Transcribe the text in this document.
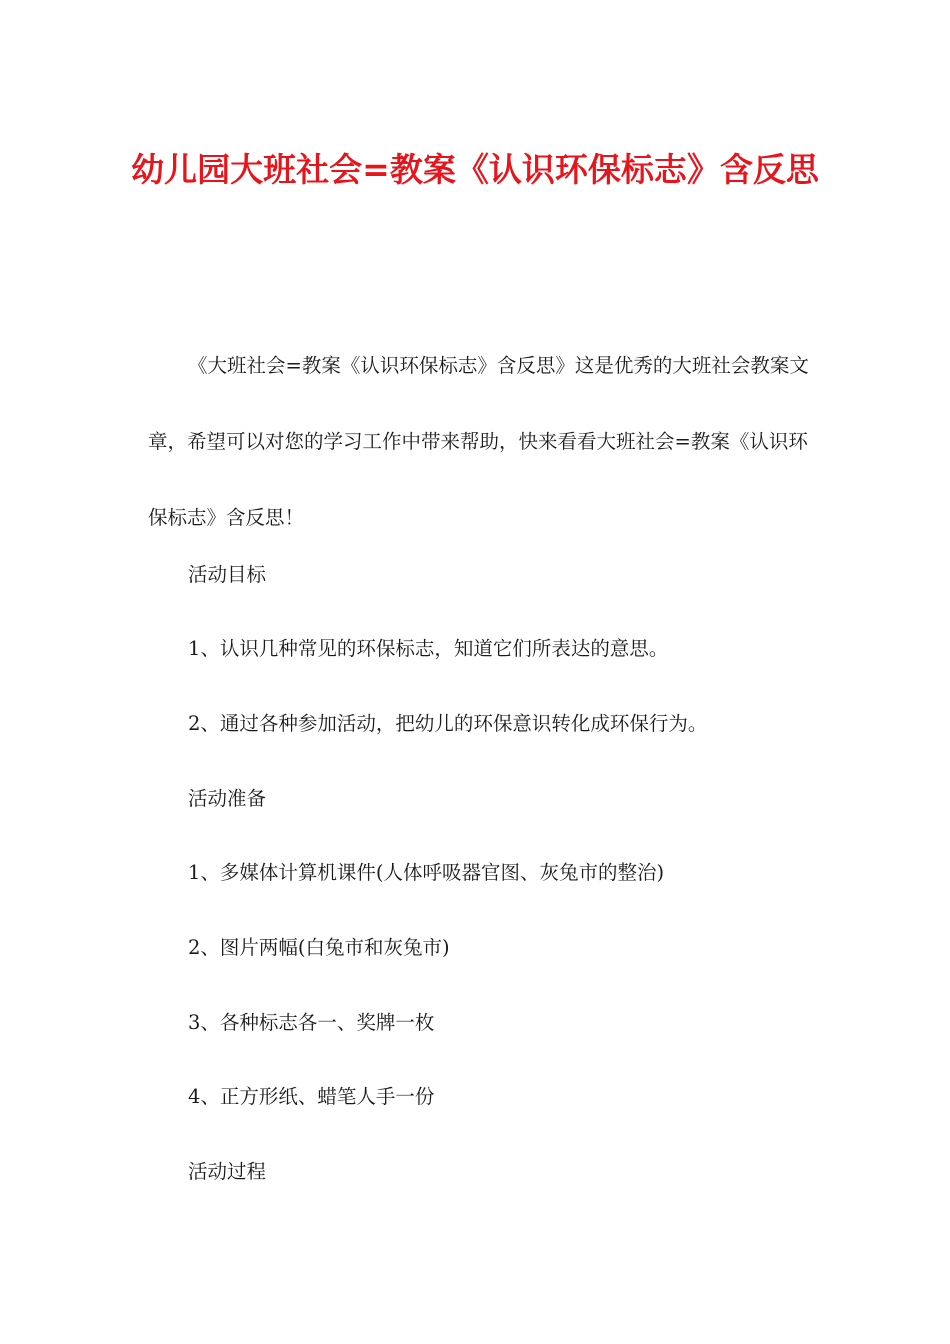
幼儿园大班社会=教案《认识环保标志》含反思

《大班社会=教案《认识环保标志》含反思》这是优秀的大班社会教案文章，希望可以对您的学习工作中带来帮助，快来看看大班社会=教案《认识环保标志》含反思！

活动目标

1、认识几种常见的环保标志，知道它们所表达的意思。

2、通过各种参加活动，把幼儿的环保意识转化成环保行为。

活动准备

1、多媒体计算机课件(人体呼吸器官图、灰兔市的整治)

2、图片两幅(白兔市和灰兔市)

3、各种标志各一、奖牌一枚

4、正方形纸、蜡笔人手一份

活动过程
